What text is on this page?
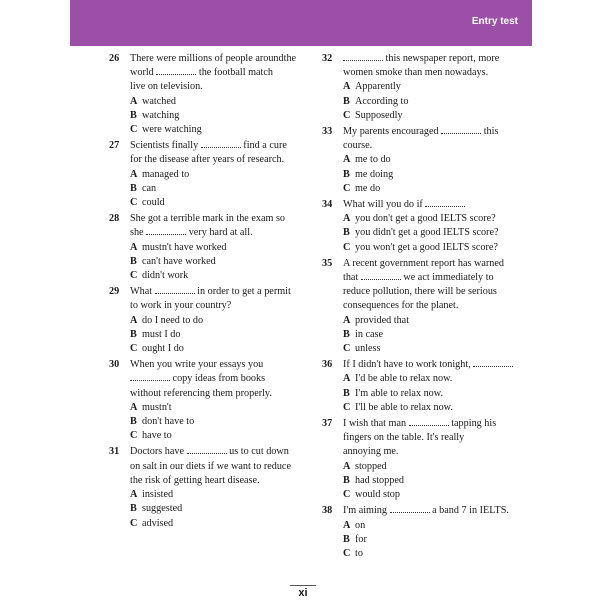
Entry test
26	There were millions of people aroundthe world	the football match
live on television.
A watched
B watching
C were watching
27	Scientists finally	find a cure
for the disease after years of research.
A managed to
B can
C could
28	She got a terrible mark in the exam so
she	very hard at all.
A mustn't have worked
B can't have worked
C didn't work
29	What	in order to get a permit
to work in your country?
A do I need to do
B must I do
C ought I do
30	When you write your essays you
copy ideas from books
without referencing them properly.
A mustn't
B don't have to
C have to
31	Doctors have	us to cut down
on salt in our diets if we want to reduce
the risk of getting heart disease.
A insisted
B suggested
C advised
32	this newspaper report, more
women smoke than men nowadays.
A Apparently
B According to
C Supposedly
33	My parents encouraged	this
course.
A me to do
B me doing
C me do
34	What will you do if
A you don't get a good IELTS score?
B you didn't get a good IELTS score?
C you won't get a good IELTS score?
35	A recent government report has warned
that	we act immediately to
reduce pollution, there will be serious
consequences for the planet.
A provided that
B in case
C unless
36	If I didn't have to work tonight,
A I'd be able to relax now.
B I'm able to relax now.
C I'll be able to relax now.
37	I wish that man	tapping his
fingers on the table. It's really
annoying me.
A stopped
B had stopped
C would stop
38	I'm aiming	a band 7 in IELTS.
A on
B for
C to
xi
